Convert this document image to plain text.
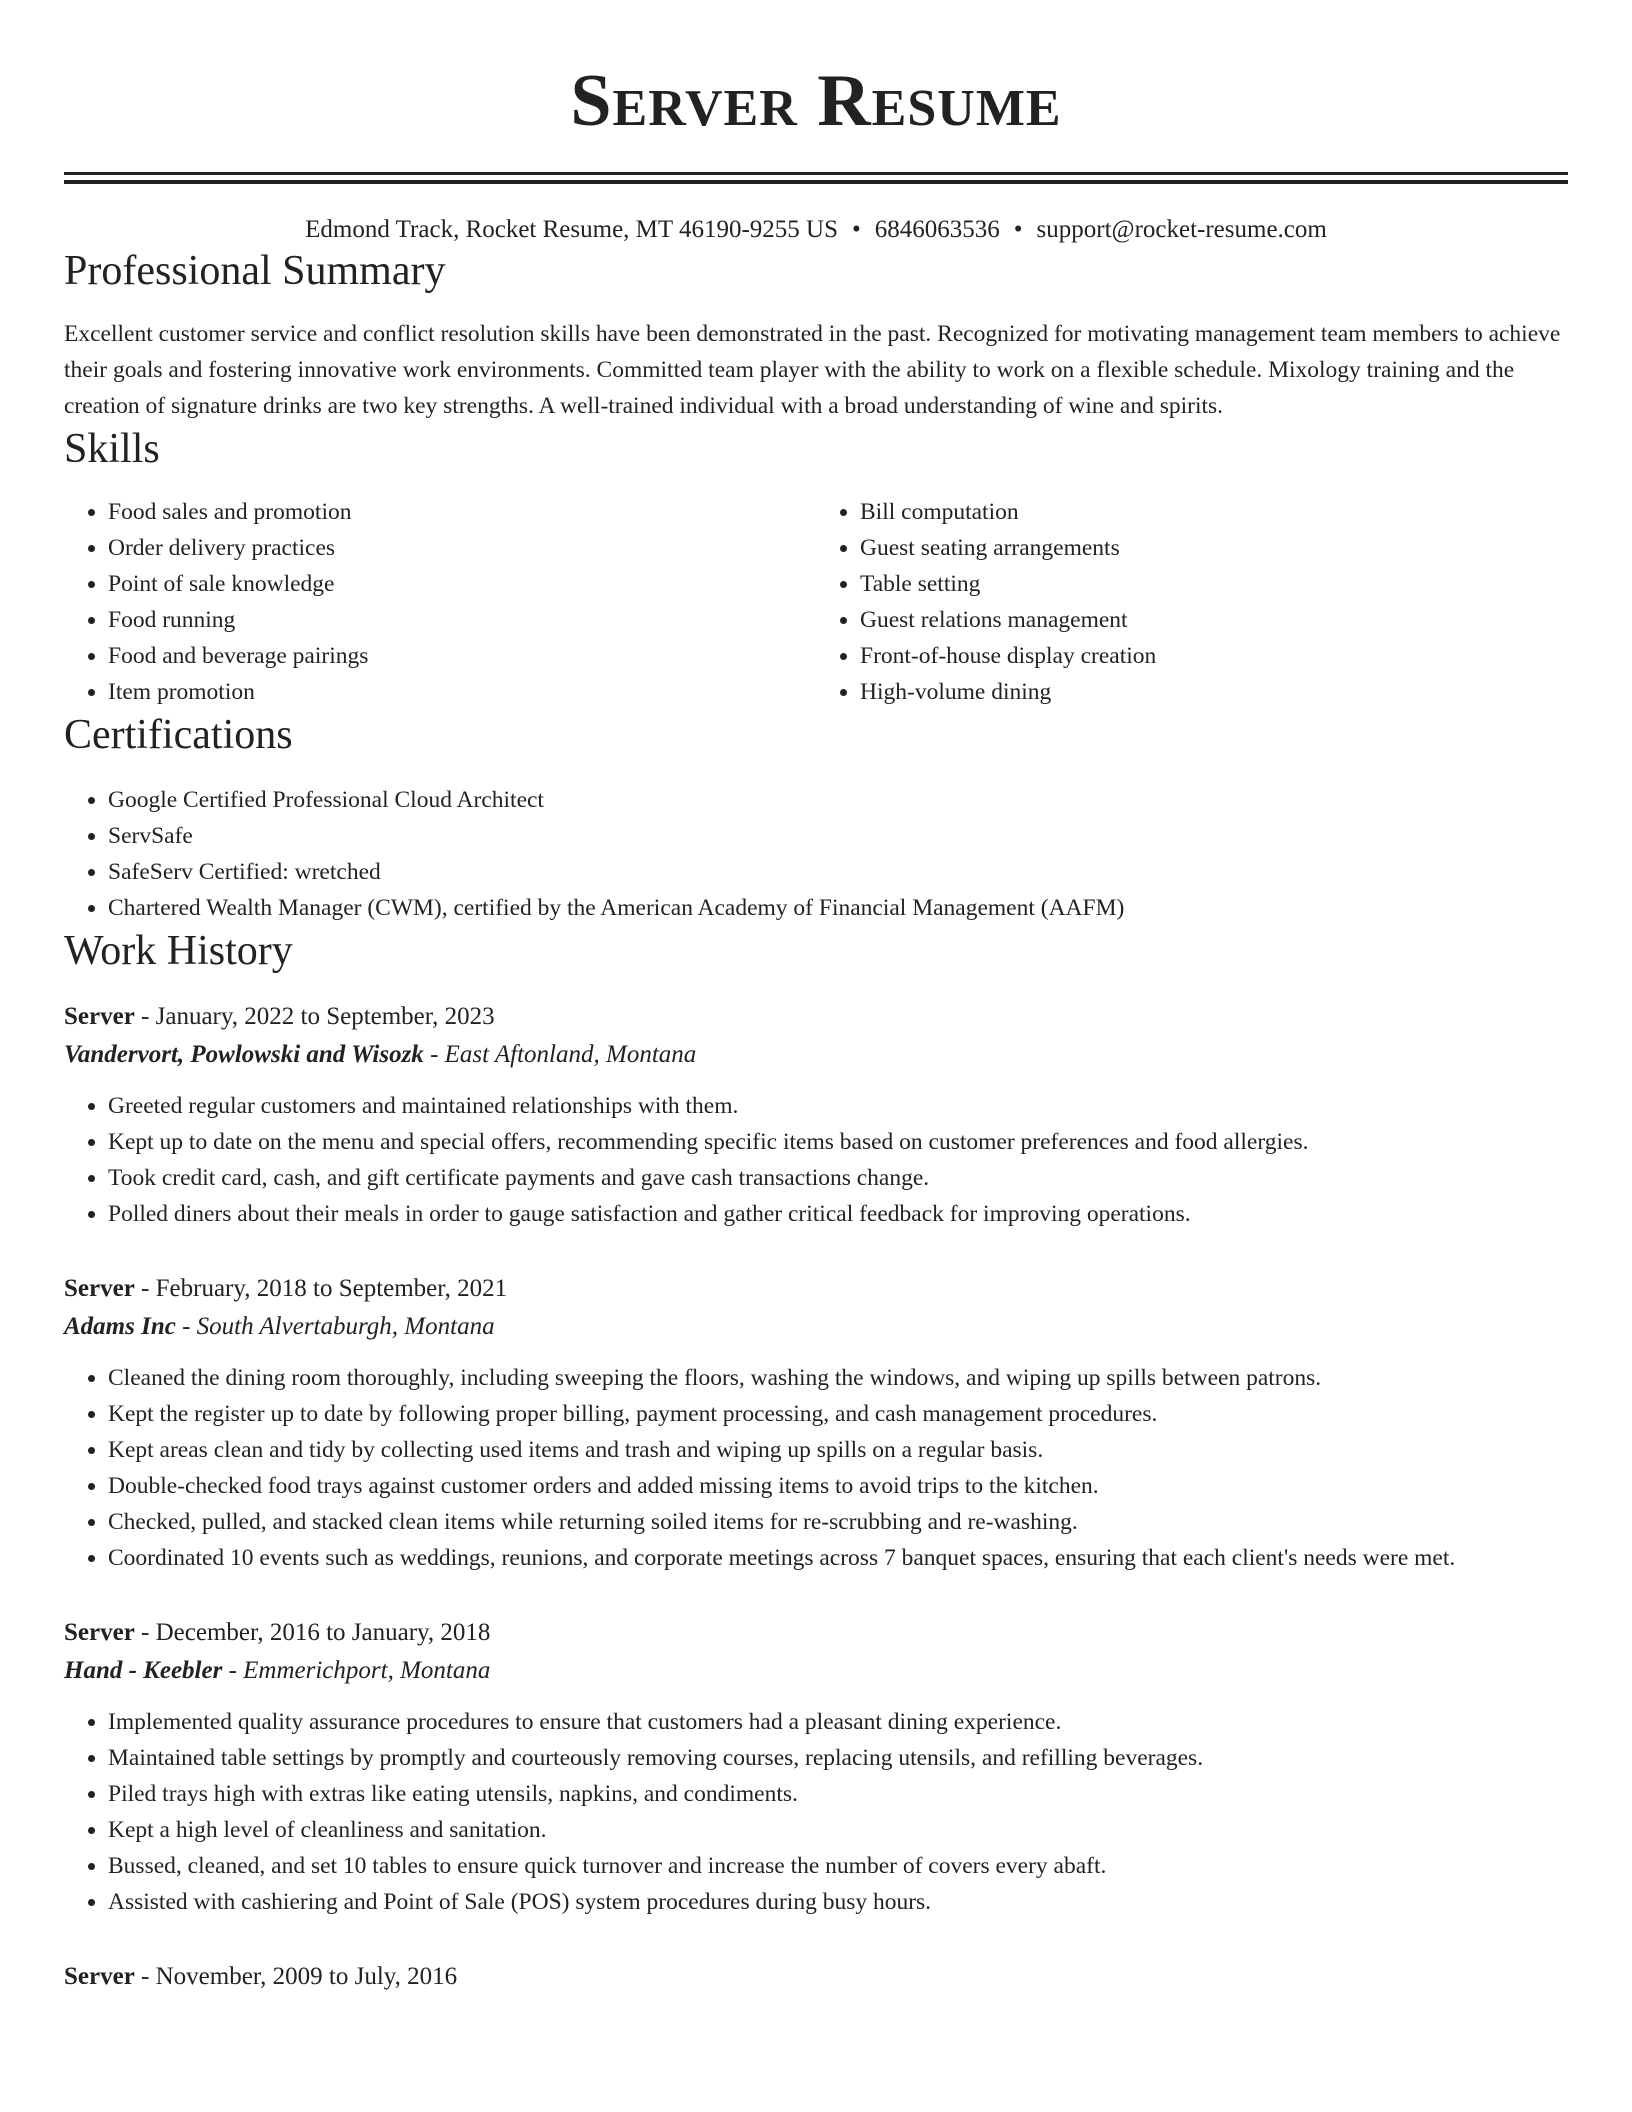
Server Resume
Edmond Track, Rocket Resume, MT 46190-9255 US • 6846063536 • support@rocket-resume.com
Professional Summary

Excellent customer service and conflict resolution skills have been demonstrated in the past. Recognized for motivating management team members to achieve their goals and fostering innovative work environments. Committed team player with the ability to work on a flexible schedule. Mixology training and the creation of signature drinks are two key strengths. A well-trained individual with a broad understanding of wine and spirits.

Skills
• Food sales and promotion
• Order delivery practices
• Point of sale knowledge
• Food running
• Food and beverage pairings
• Item promotion
• Bill computation
• Guest seating arrangements
• Table setting
• Guest relations management
• Front-of-house display creation
• High-volume dining
Certifications
• Google Certified Professional Cloud Architect
• ServSafe
• SafeServ Certified: wretched
• Chartered Wealth Manager (CWM), certified by the American Academy of Financial Management (AAFM)
Work History
Server - January, 2022 to September, 2023
Vandervort, Powlowski and Wisozk - East Aftonland, Montana
• Greeted regular customers and maintained relationships with them.
• Kept up to date on the menu and special offers, recommending specific items based on customer preferences and food allergies.
• Took credit card, cash, and gift certificate payments and gave cash transactions change.
• Polled diners about their meals in order to gauge satisfaction and gather critical feedback for improving operations.
Server - February, 2018 to September, 2021
Adams Inc - South Alvertaburgh, Montana
• Cleaned the dining room thoroughly, including sweeping the floors, washing the windows, and wiping up spills between patrons.
• Kept the register up to date by following proper billing, payment processing, and cash management procedures.
• Kept areas clean and tidy by collecting used items and trash and wiping up spills on a regular basis.
• Double-checked food trays against customer orders and added missing items to avoid trips to the kitchen.
• Checked, pulled, and stacked clean items while returning soiled items for re-scrubbing and re-washing.
• Coordinated 10 events such as weddings, reunions, and corporate meetings across 7 banquet spaces, ensuring that each client's needs were met.
Server - December, 2016 to January, 2018
Hand - Keebler - Emmerichport, Montana
• Implemented quality assurance procedures to ensure that customers had a pleasant dining experience.
• Maintained table settings by promptly and courteously removing courses, replacing utensils, and refilling beverages.
• Piled trays high with extras like eating utensils, napkins, and condiments.
• Kept a high level of cleanliness and sanitation.
• Bussed, cleaned, and set 10 tables to ensure quick turnover and increase the number of covers every abaft.
• Assisted with cashiering and Point of Sale (POS) system procedures during busy hours.
Server - November, 2009 to July, 2016
